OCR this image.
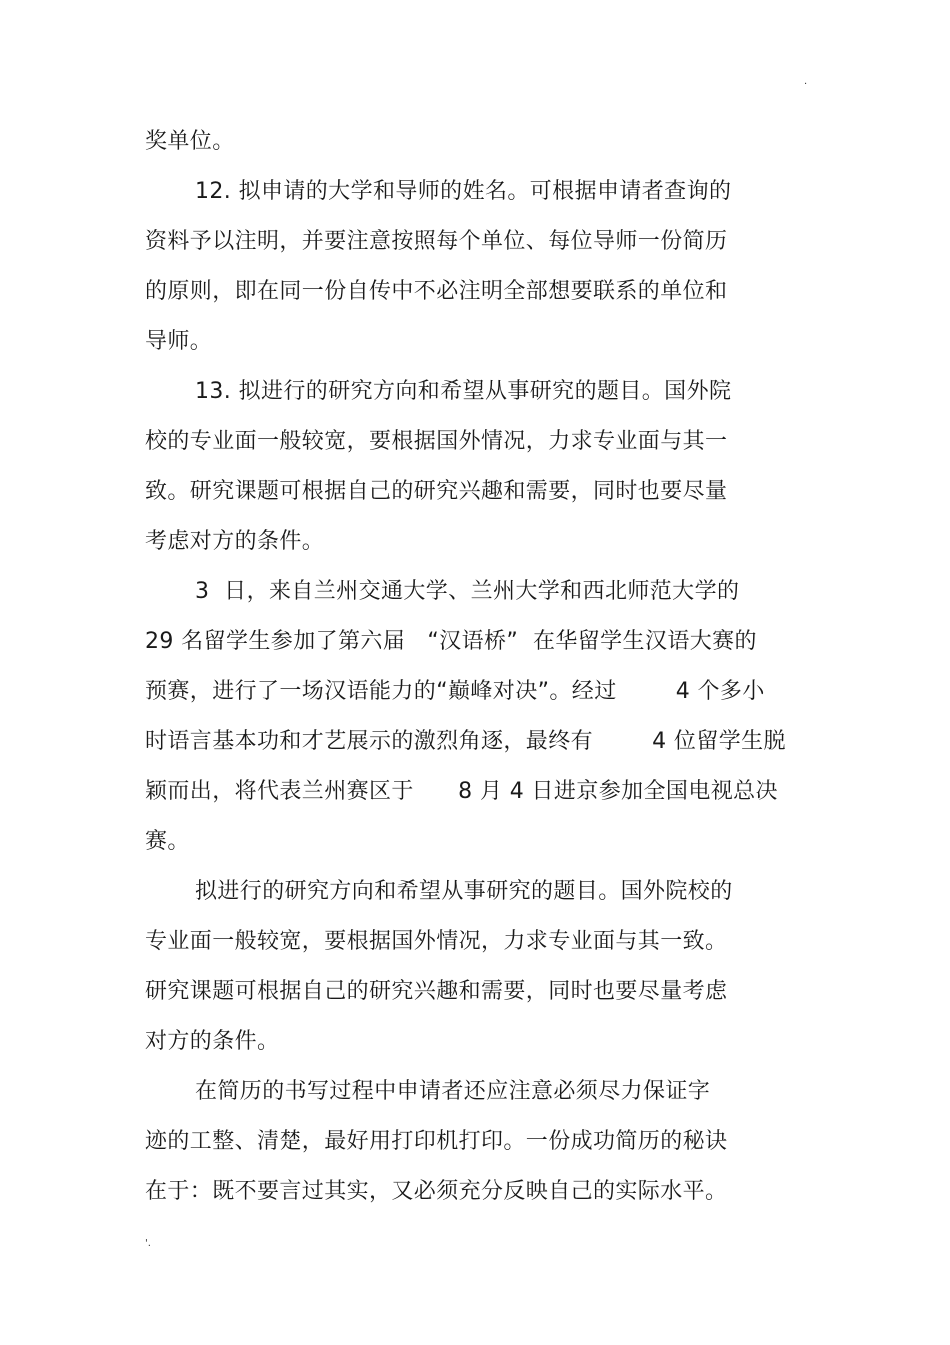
.
奖单位。
12. 拟申请的大学和导师的姓名。可根据申请者查询的
资料予以注明，并要注意按照每个单位、每位导师一份简历
的原则，即在同一份自传中不必注明全部想要联系的单位和
导师。
13. 拟进行的研究方向和希望从事研究的题目。国外院
校的专业面一般较宽，要根据国外情况，力求专业面与其一
致。研究课题可根据自己的研究兴趣和需要，同时也要尽量
考虑对方的条件。
3  日，来自兰州交通大学、兰州大学和西北师范大学的
29 名留学生参加了第六届   “汉语桥”  在华留学生汉语大赛的
预赛，进行了一场汉语能力的“巅峰对决”。经过        4 个多小
时语言基本功和才艺展示的激烈角逐，最终有        4 位留学生脱
颖而出，将代表兰州赛区于      8 月 4 日进京参加全国电视总决
赛。
拟进行的研究方向和希望从事研究的题目。国外院校的
专业面一般较宽，要根据国外情况，力求专业面与其一致。
研究课题可根据自己的研究兴趣和需要，同时也要尽量考虑
对方的条件。
在简历的书写过程中申请者还应注意必须尽力保证字
迹的工整、清楚，最好用打印机打印。一份成功简历的秘诀
在于：既不要言过其实，又必须充分反映自己的实际水平。
'.
